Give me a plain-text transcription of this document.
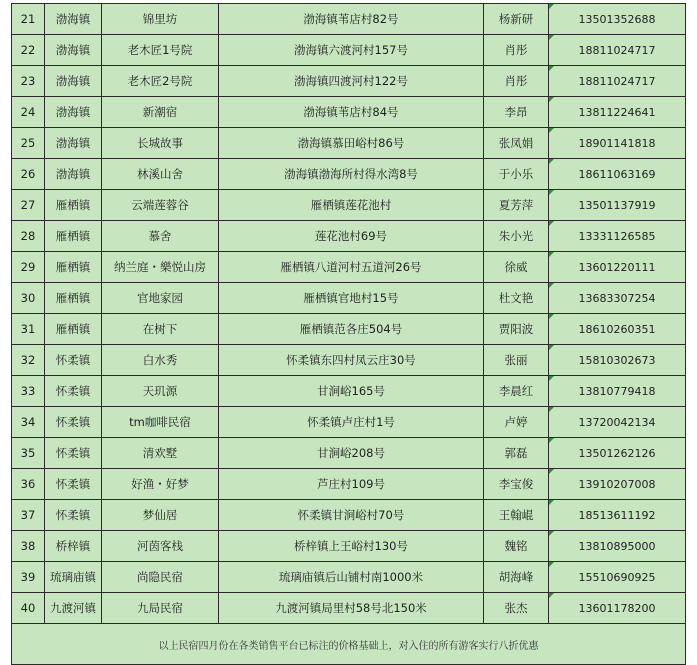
21	渤海镇	锦里坊	渤海镇苇店村82号	杨新研	13501352688
22	渤海镇	老木匠1号院	渤海镇六渡河村157号	肖彤	18811024717
23	渤海镇	老木匠2号院	渤海镇四渡河村122号	肖彤	18811024717
24	渤海镇	新潮宿	渤海镇苇店村84号	李昂	13811224641
25	渤海镇	长城故事	渤海镇慕田峪村86号	张凤娟	18901141818
26	渤海镇	林溪山舍	渤海镇渤海所村得水湾8号	于小乐	18611063169
27	雁栖镇	云端莲蓉谷	雁栖镇莲花池村	夏芳萍	13501137919
28	雁栖镇	慕舍	莲花池村69号	朱小光	13331126585
29	雁栖镇	纳兰庭・樂悦山房	雁栖镇八道河村五道河26号	徐威	13601220111
30	雁栖镇	官地家园	雁栖镇官地村15号	杜文艳	13683307254
31	雁栖镇	在树下	雁栖镇范各庄504号	贾阳波	18610260351
32	怀柔镇	白水秀	怀柔镇东四村凤云庄30号	张丽	15810302673
33	怀柔镇	天玑源	甘涧峪165号	李晨红	13810779418
34	怀柔镇	tm咖啡民宿	怀柔镇卢庄村1号	卢婷	13720042134
35	怀柔镇	清欢墅	甘涧峪208号	郭磊	13501262126
36	怀柔镇	好渔・好梦	芦庄村109号	李宝俊	13910207008
37	怀柔镇	梦仙居	怀柔镇甘涧峪村70号	王翰崐	18513611192
38	桥梓镇	河茵客栈	桥梓镇上王峪村130号	魏铭	13810895000
39	琉璃庙镇	尚隐民宿	琉璃庙镇后山铺村南1000米	胡海峰	15510690925
40	九渡河镇	九局民宿	九渡河镇局里村58号北150米	张杰	13601178200
以上民宿四月份在各类销售平台已标注的价格基础上，对入住的所有游客实行八折优惠					
